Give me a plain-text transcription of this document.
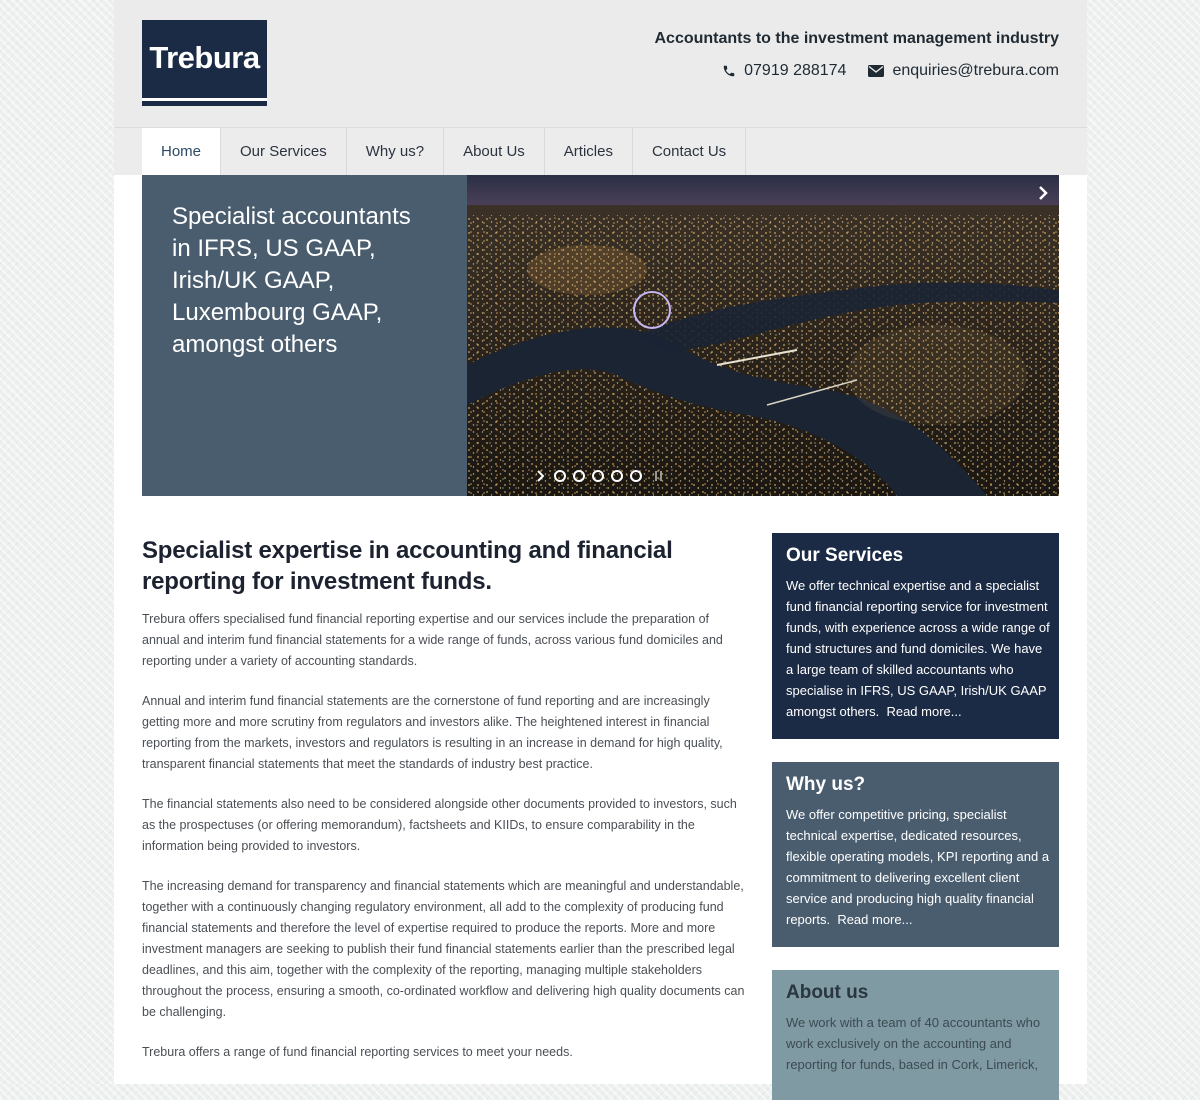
Trebura
Accountants to the investment management industry
07919 288174	enquiries@trebura.com
Home	Our Services	Why us?	About Us	Articles	Contact Us
Specialist accountants
in IFRS, US GAAP,
Irish/UK GAAP,
Luxembourg GAAP,
amongst others
Specialist expertise in accounting and financial
reporting for investment funds.

Trebura offers specialised fund financial reporting expertise and our services include the preparation of annual and interim fund financial statements for a wide range of funds, across various fund domiciles and reporting under a variety of accounting standards.

Annual and interim fund financial statements are the cornerstone of fund reporting and are increasingly getting more and more scrutiny from regulators and investors alike. The heightened interest in financial reporting from the markets, investors and regulators is resulting in an increase in demand for high quality, transparent financial statements that meet the standards of industry best practice.

The financial statements also need to be considered alongside other documents provided to investors, such as the prospectuses (or offering memorandum), factsheets and KIIDs, to ensure comparability in the information being provided to investors.

The increasing demand for transparency and financial statements which are meaningful and understandable, together with a continuously changing regulatory environment, all add to the complexity of producing fund financial statements and therefore the level of expertise required to produce the reports. More and more investment managers are seeking to publish their fund financial statements earlier than the prescribed legal deadlines, and this aim, together with the complexity of the reporting, managing multiple stakeholders throughout the process, ensuring a smooth, co-ordinated workflow and delivering high quality documents can be challenging.

Trebura offers a range of fund financial reporting services to meet your needs.

Our Services
We offer technical expertise and a specialist fund financial reporting service for investment funds, with experience across a wide range of fund structures and fund domiciles. We have a large team of skilled accountants who specialise in IFRS, US GAAP, Irish/UK GAAP amongst others. Read more...
Why us?
We offer competitive pricing, specialist technical expertise, dedicated resources, flexible operating models, KPI reporting and a commitment to delivering excellent client service and producing high quality financial reports. Read more...
About us
We work with a team of 40 accountants who work exclusively on the accounting and reporting for funds, based in Cork, Limerick,
